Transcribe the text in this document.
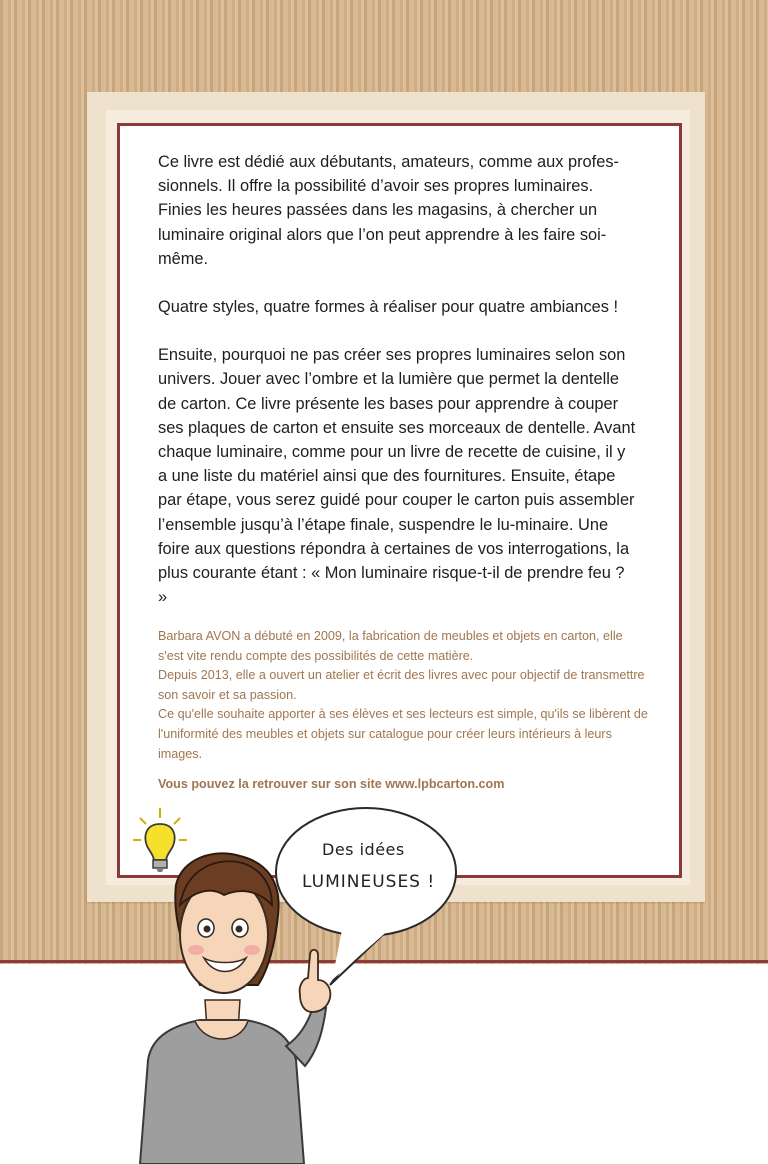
Ce livre est dédié aux débutants, amateurs, comme aux profes-sionnels. Il offre la possibilité d’avoir ses propres luminaires. Finies les heures passées dans les magasins, à chercher un luminaire original alors que l’on peut apprendre à les faire soi-même.

Quatre styles, quatre formes à réaliser pour quatre ambiances !

Ensuite, pourquoi ne pas créer ses propres luminaires selon son univers. Jouer avec l’ombre et la lumière que permet la dentelle de carton. Ce livre présente les bases pour apprendre à couper ses plaques de carton et ensuite ses morceaux de dentelle. Avant chaque luminaire, comme pour un livre de recette de cuisine, il y a une liste du matériel ainsi que des fournitures. Ensuite, étape par étape, vous serez guidé pour couper le carton puis assembler l’ensemble jusqu’à l’étape finale, suspendre le lu-minaire. Une foire aux questions répondra à certaines de vos interrogations, la plus courante étant : « Mon luminaire risque-t-il de prendre feu ? »

Barbara AVON a débuté en 2009, la fabrication de meubles et objets en carton, elle s'est vite rendu compte des possibilités de cette matière.

Depuis 2013, elle a ouvert un atelier et écrit des livres avec pour objectif de transmettre son savoir et sa passion.

Ce qu'elle souhaite apporter à ses élèves et ses lecteurs est simple, qu'ils se libèrent de l'uniformité des meubles et objets sur catalogue pour créer leurs intérieurs à leurs images.

Vous pouvez la retrouver sur son site www.lpbcarton.com

Des idées
LUMINEUSES !
